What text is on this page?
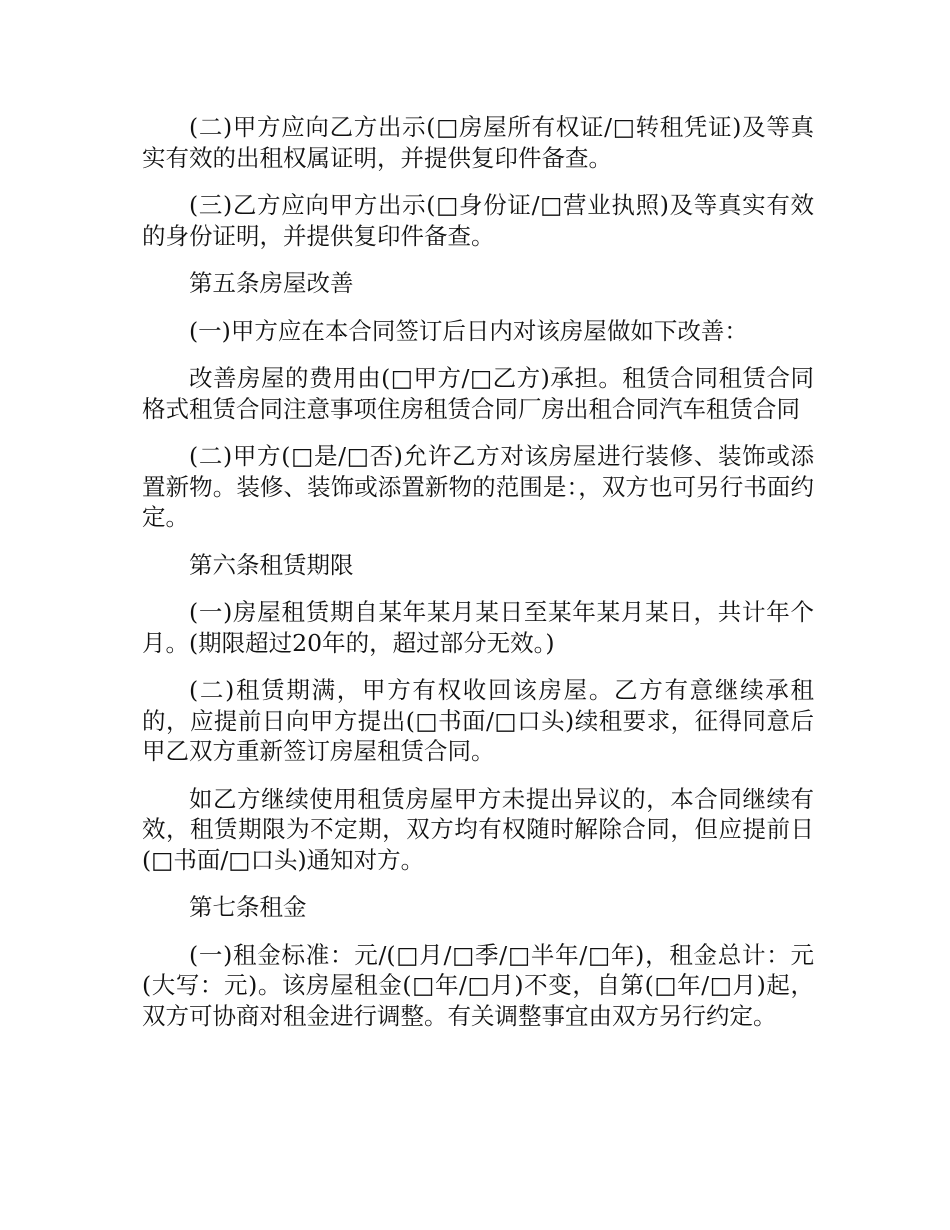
(二)甲方应向乙方出示(□房屋所有权证/□转租凭证)及等真实有效的出租权属证明，并提供复印件备查。

(三)乙方应向甲方出示(□身份证/□营业执照)及等真实有效的身份证明，并提供复印件备查。

第五条房屋改善

(一)甲方应在本合同签订后日内对该房屋做如下改善：

改善房屋的费用由(□甲方/□乙方)承担。租赁合同租赁合同格式租赁合同注意事项住房租赁合同厂房出租合同汽车租赁合同

(二)甲方(□是/□否)允许乙方对该房屋进行装修、装饰或添置新物。装修、装饰或添置新物的范围是：，双方也可另行书面约定。

第六条租赁期限

(一)房屋租赁期自某年某月某日至某年某月某日，共计年个月。(期限超过20年的，超过部分无效。)

(二)租赁期满，甲方有权收回该房屋。乙方有意继续承租的，应提前日向甲方提出(□书面/□口头)续租要求，征得同意后甲乙双方重新签订房屋租赁合同。

如乙方继续使用租赁房屋甲方未提出异议的，本合同继续有效，租赁期限为不定期，双方均有权随时解除合同，但应提前日(□书面/□口头)通知对方。

第七条租金

(一)租金标准：元/(□月/□季/□半年/□年)，租金总计：元(大写：元)。该房屋租金(□年/□月)不变，自第(□年/□月)起，双方可协商对租金进行调整。有关调整事宜由双方另行约定。
